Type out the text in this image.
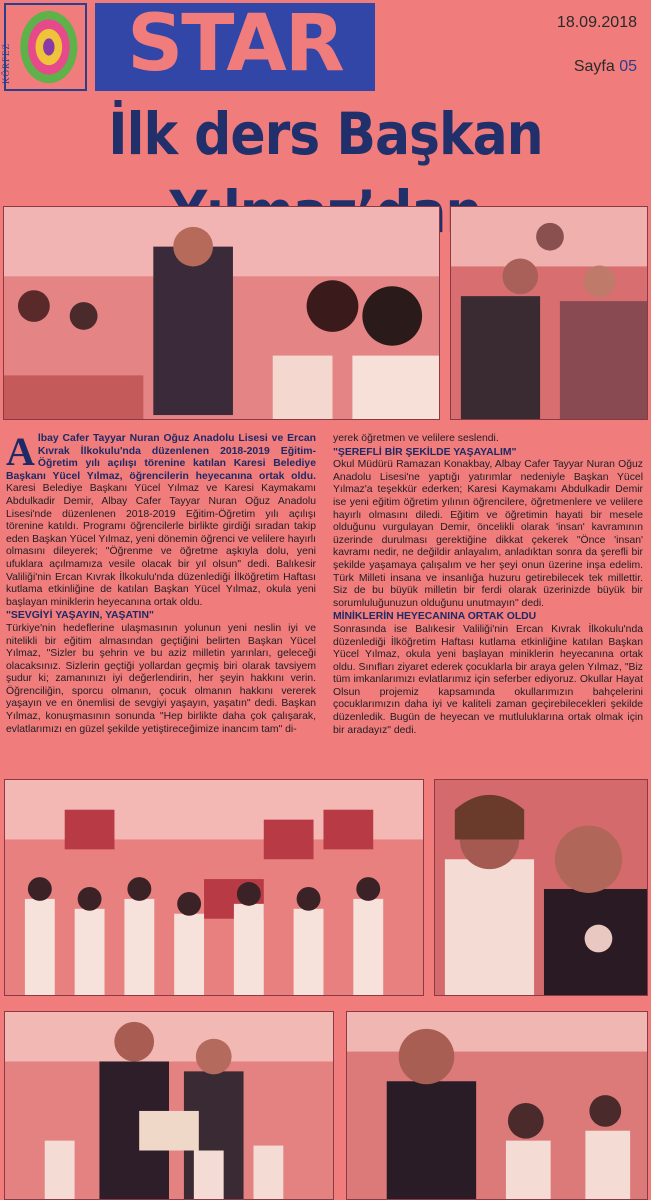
KÖRFEZ	STAR	18.09.2018
Sayfa 05
İlk ders Başkan
A lbay Cafer Tayyar Nuran Oğuz Anadolu Lisesi ve Ercan Kıvrak İlkokulu'nda düzenlenen 2018-2019 Eğitim-Öğretim yılı açılışı törenine katılan Karesi Belediye Başkanı Yücel Yılmaz, öğrencilerin heyecanına ortak oldu. Karesi Belediye Başkanı Yücel Yılmaz ve Karesi Kaymakamı Abdulkadir Demir, Albay Cafer Tayyar Nuran Oğuz Anadolu Lisesi'nde düzenlenen 2018-2019 Eğitim-Öğretim yılı açılışı törenine katıldı. Programı öğrencilerle birlikte girdiği sıradan takip eden Başkan Yücel Yılmaz, yeni dönemin öğrenci ve velilere hayırlı olmasını dileyerek; "Öğrenme ve öğretme aşkıyla dolu, yeni ufuklara açılmamıza vesile olacak bir yıl olsun" dedi. Balıkesir Valiliği'nin Ercan Kıvrak İlkokulu'nda düzenlediği İlköğretim Haftası kutlama etkinliğine de katılan Başkan Yücel Yılmaz, okula yeni başlayan miniklerin heyecanına ortak oldu.
"SEVGİYİ YAŞAYIN, YAŞATIN"

Türkiye'nin hedeflerine ulaşmasının yolunun yeni neslin iyi ve nitelikli bir eğitim almasından geçtiğini belirten Başkan Yücel Yılmaz, "Sizler bu şehrin ve bu aziz milletin yarınları, geleceği olacaksınız. Sizlerin geçtiği yollardan geçmiş biri olarak tavsiyem şudur ki; zamanınızı iyi değerlendirin, her şeyin hakkını verin. Öğrenciliğin, sporcu olmanın, çocuk olmanın hakkını vererek yaşayın ve en önemlisi de sevgiyi yaşayın, yaşatın" dedi. Başkan Yılmaz, konuşmasının sonunda "Hep birlikte daha çok çalışarak, evlatlarımızı en güzel şekilde yetiştireceğimize inancım tam" di-

yerek öğretmen ve velilere seslendi.

"ŞEREFLİ BİR ŞEKİLDE YAŞAYALIM"

Okul Müdürü Ramazan Konakbay, Albay Cafer Tayyar Nuran Oğuz Anadolu Lisesi'ne yaptığı yatırımlar nedeniyle Başkan Yücel Yılmaz'a teşekkür ederken; Karesi Kaymakamı Abdulkadir Demir ise yeni eğitim öğretim yılının öğrencilere, öğretmenlere ve velilere hayırlı olmasını diledi. Eğitim ve öğretimin hayati bir mesele olduğunu vurgulayan Demir, öncelikli olarak 'insan' kavramının üzerinde durulması gerektiğine dikkat çekerek "Önce 'insan' kavramı nedir, ne değildir anlayalım, anladıktan sonra da şerefli bir şekilde yaşamaya çalışalım ve her şeyi onun üzerine inşa edelim. Türk Milleti insana ve insanlığa huzuru getirebilecek tek millettir. Siz de bu büyük milletin bir ferdi olarak üzerinizde büyük bir sorumluluğunuzun olduğunu unutmayın" dedi.

MİNİKLERİN HEYECANINA ORTAK OLDU

Sonrasında ise Balıkesir Valiliği'nin Ercan Kıvrak İlkokulu'nda düzenlediği İlköğretim Haftası kutlama etkinliğine katılan Başkan Yücel Yılmaz, okula yeni başlayan miniklerin heyecanına ortak oldu. Sınıfları ziyaret ederek çocuklarla bir araya gelen Yılmaz, "Biz tüm imkanlarımızı evlatlarımız için seferber ediyoruz. Okullar Hayat Olsun projemiz kapsamında okullarımızın bahçelerini çocuklarımızın daha iyi ve kaliteli zaman geçirebilecekleri şekilde düzenledik. Bugün de heyecan ve mutluluklarına ortak olmak için bir aradayız" dedi.
